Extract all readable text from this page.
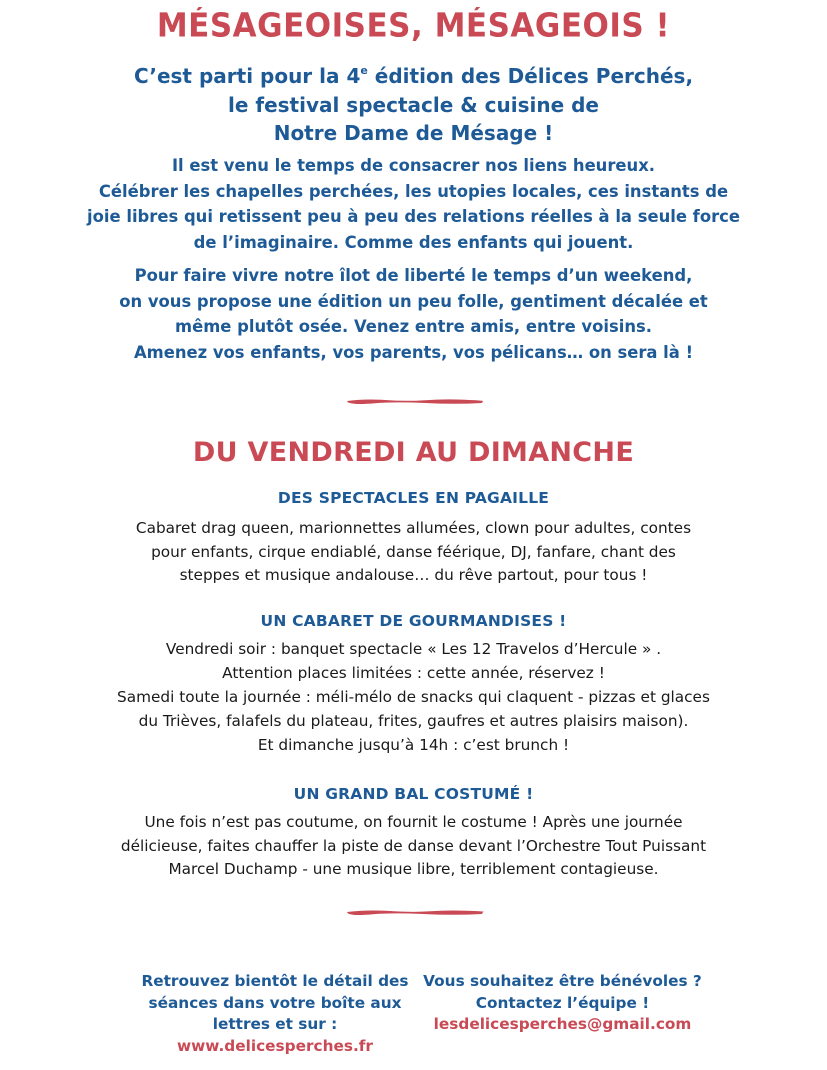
MÉSAGEOISES, MÉSAGEOIS !
C’est parti pour la 4e édition des Délices Perchés,
le festival spectacle & cuisine de
Notre Dame de Mésage !
Il est venu le temps de consacrer nos liens heureux.
Célébrer les chapelles perchées, les utopies locales, ces instants de
joie libres qui retissent peu à peu des relations réelles à la seule force
de l’imaginaire. Comme des enfants qui jouent.
Pour faire vivre notre îlot de liberté le temps d’un weekend,
on vous propose une édition un peu folle, gentiment décalée et
même plutôt osée. Venez entre amis, entre voisins.
Amenez vos enfants, vos parents, vos pélicans… on sera là !
DU VENDREDI AU DIMANCHE
DES SPECTACLES EN PAGAILLE
Cabaret drag queen, marionnettes allumées, clown pour adultes, contes
pour enfants, cirque endiablé, danse féérique, DJ, fanfare, chant des
steppes et musique andalouse… du rêve partout, pour tous !
UN CABARET DE GOURMANDISES !
Vendredi soir : banquet spectacle « Les 12 Travelos d’Hercule » .
Attention places limitées : cette année, réservez !
Samedi toute la journée : méli-mélo de snacks qui claquent - pizzas et glaces
du Trièves, falafels du plateau, frites, gaufres et autres plaisirs maison).
Et dimanche jusqu’à 14h : c’est brunch !
UN GRAND BAL COSTUMÉ !
Une fois n’est pas coutume, on fournit le costume ! Après une journée
délicieuse, faites chauffer la piste de danse devant l’Orchestre Tout Puissant
Marcel Duchamp - une musique libre, terriblement contagieuse.
Retrouvez bientôt le détail des
séances dans votre boîte aux
lettres et sur :
www.delicesperches.fr
Vous souhaitez être bénévoles ?
Contactez l’équipe !
lesdelicesperches@gmail.com
